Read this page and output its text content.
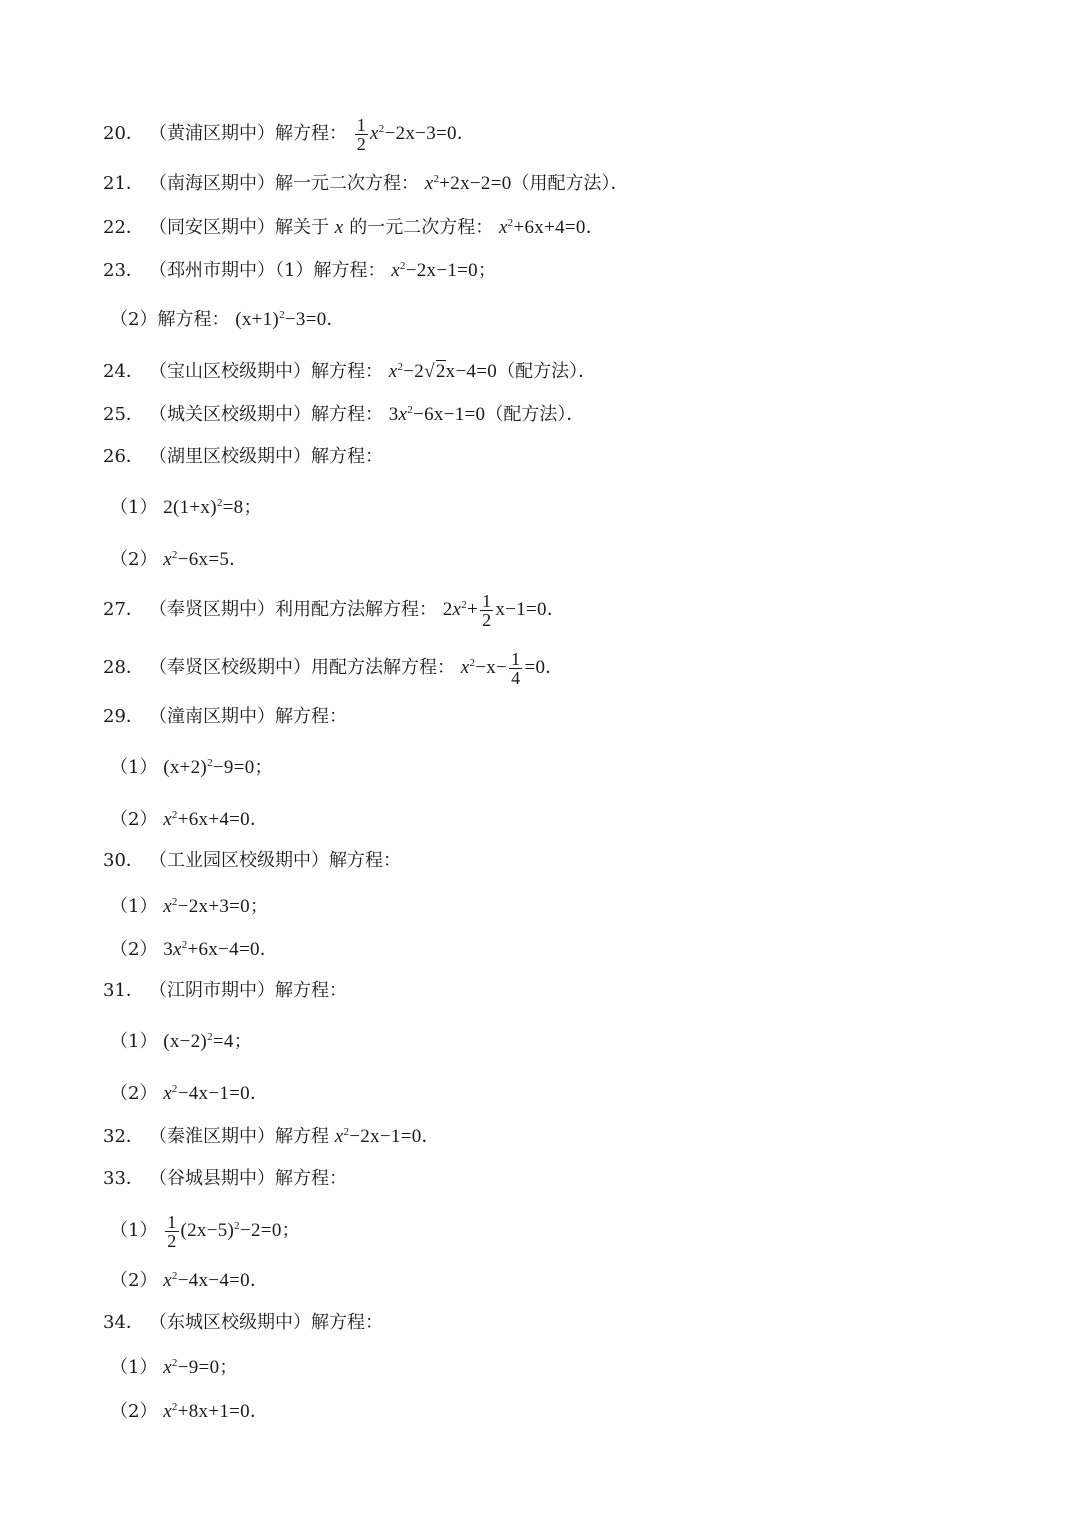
20． （黄浦区期中）解方程： $\frac{1}{2} x^2-2x-3=0$．
21． （南海区期中）解一元二次方程： $x^2+2x-2=0$（用配方法）．
22． （同安区期中）解关于 x 的一元二次方程： $x^2+6x+4=0$．
23． （邳州市期中）（1）解方程： $x^2-2x-1=0$；
（2）解方程： $(x+1)^2-3=0$．
24． （宝山区校级期中）解方程： $x^2-2√2x-4=0$（配方法）．
25． （城关区校级期中）解方程： $3x^2-6x-1=0$（配方法）．
26． （湖里区校级期中）解方程：
（1） $2(1+x)^2=8$；
（2） $x^2-6x=5$．
27． （奉贤区期中）利用配方法解方程： $2x^2+ \frac{1}{2} x-1=0$．
28． （奉贤区校级期中）用配方法解方程： $x^2-x- \frac{1}{4} =0$．
29． （潼南区期中）解方程：
（1） $(x+2)^2-9=0$；
（2） $x^2+6x+4=0$．
30． （工业园区校级期中）解方程：
（1） $x^2-2x+3=0$；
（2） $3x^2+6x-4=0$．
31． （江阴市期中）解方程：
（1） $(x-2)^2=4$；
（2） $x^2-4x-1=0$．
32． （秦淮区期中）解方程 $x^2-2x-1=0$．
33． （谷城县期中）解方程：
$(1) \frac{1}{2} (2x-5)^2-2=0$；
（2） $x^2-4x-4=0$．
34． （东城区校级期中）解方程：
（1） $x^2-9=0$；
（2） $x^2+8x+1=0$．
